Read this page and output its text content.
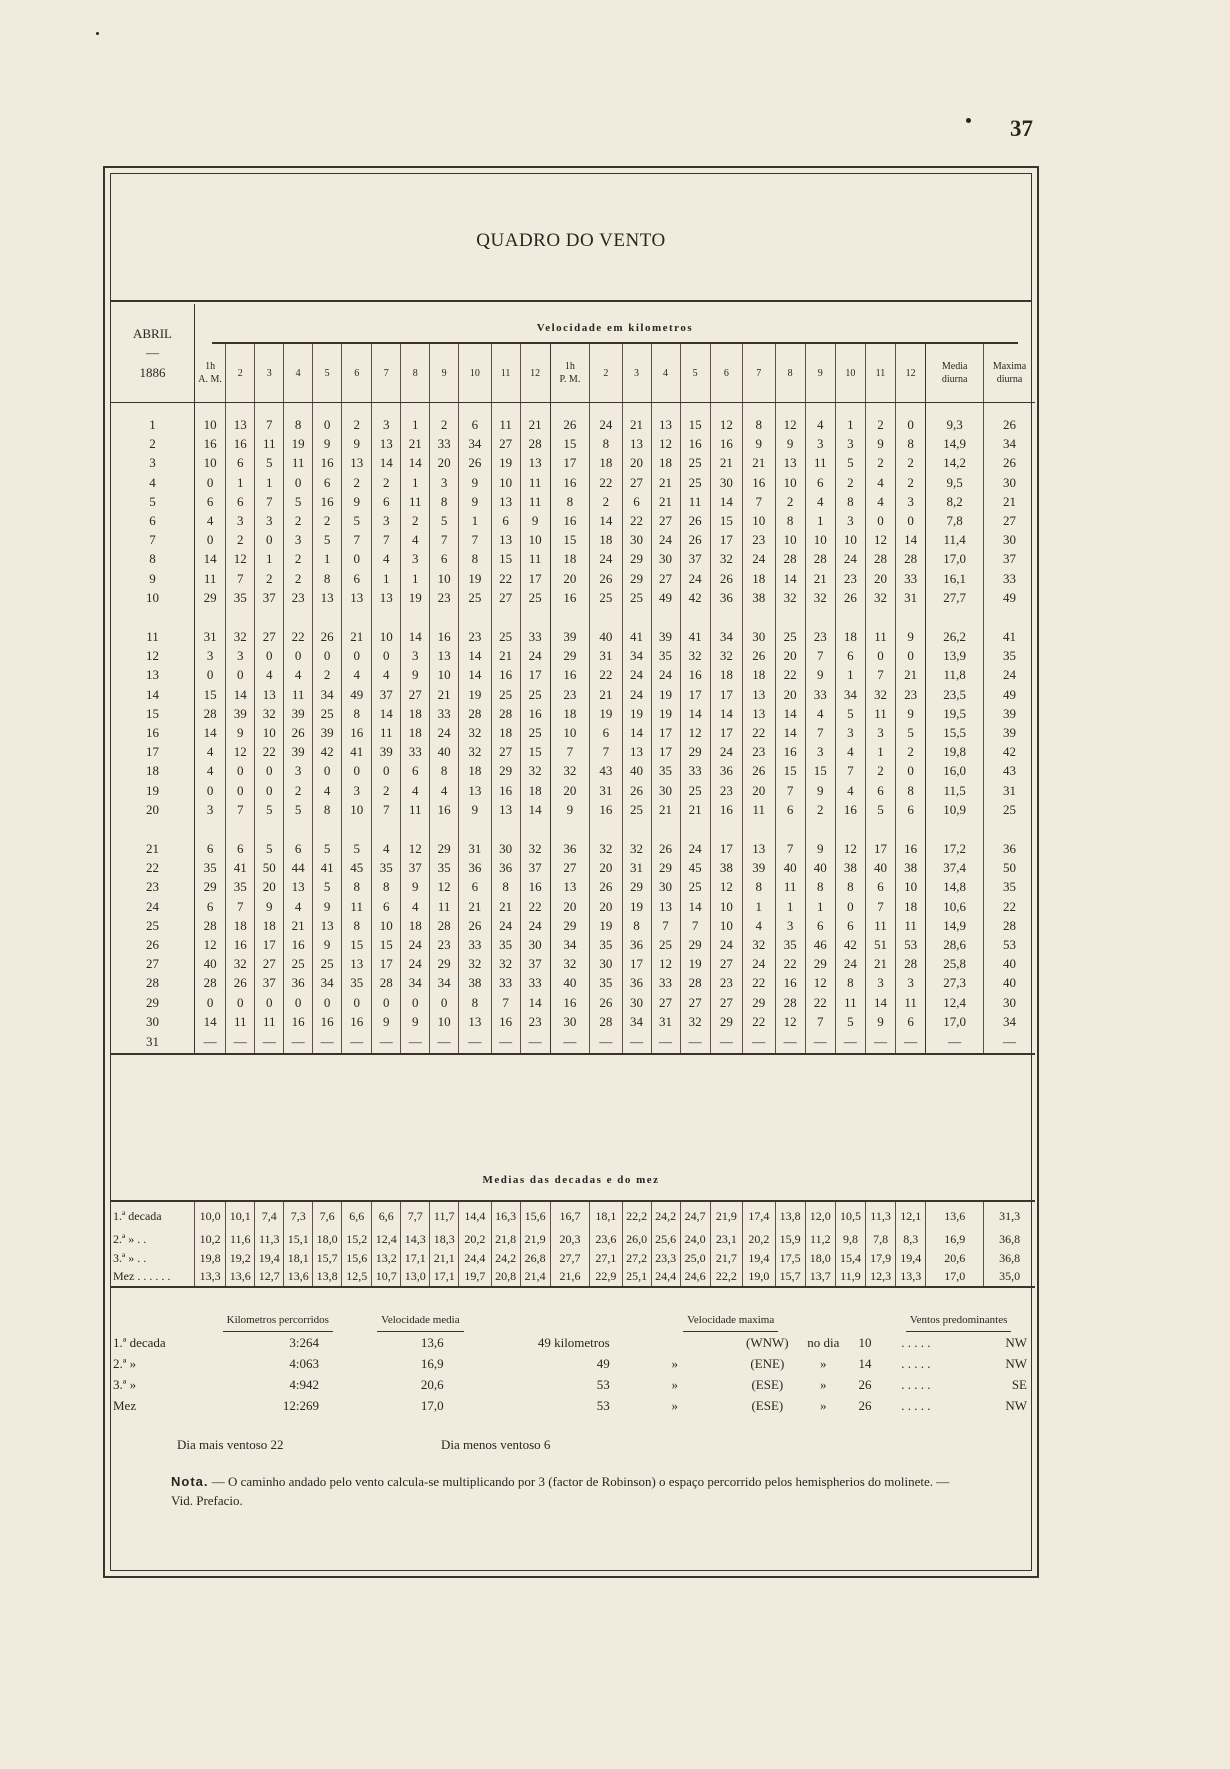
37
QUADRO DO VENTO
ABRIL
—
1886	Velocidade em kilometros																									
	1h
A. M.	2	3	4	5	6	7	8	9	10	11	12	1h
P. M.	2	3	4	5	6	7	8	9	10	11	12	Media
diurna	Maxima
diurna

1	10	13	7	8	0	2	3	1	2	6	11	21	26	24	21	13	15	12	8	12	4	1	2	0	9,3	26
2	16	16	11	19	9	9	13	21	33	34	27	28	15	8	13	12	16	16	9	9	3	3	9	8	14,9	34
3	10	6	5	11	16	13	14	14	20	26	19	13	17	18	20	18	25	21	21	13	11	5	2	2	14,2	26
4	0	1	1	0	6	2	2	1	3	9	10	11	16	22	27	21	25	30	16	10	6	2	4	2	9,5	30
5	6	6	7	5	16	9	6	11	8	9	13	11	8	2	6	21	11	14	7	2	4	8	4	3	8,2	21
6	4	3	3	2	2	5	3	2	5	1	6	9	16	14	22	27	26	15	10	8	1	3	0	0	7,8	27
7	0	2	0	3	5	7	7	4	7	7	13	10	15	18	30	24	26	17	23	10	10	10	12	14	11,4	30
8	14	12	1	2	1	0	4	3	6	8	15	11	18	24	29	30	37	32	24	28	28	24	28	28	17,0	37
9	11	7	2	2	8	6	1	1	10	19	22	17	20	26	29	27	24	26	18	14	21	23	20	33	16,1	33
10	29	35	37	23	13	13	13	19	23	25	27	25	16	25	25	49	42	36	38	32	32	26	32	31	27,7	49

11	31	32	27	22	26	21	10	14	16	23	25	33	39	40	41	39	41	34	30	25	23	18	11	9	26,2	41
12	3	3	0	0	0	0	0	3	13	14	21	24	29	31	34	35	32	32	26	20	7	6	0	0	13,9	35
13	0	0	4	4	2	4	4	9	10	14	16	17	16	22	24	24	16	18	18	22	9	1	7	21	11,8	24
14	15	14	13	11	34	49	37	27	21	19	25	25	23	21	24	19	17	17	13	20	33	34	32	23	23,5	49
15	28	39	32	39	25	8	14	18	33	28	28	16	18	19	19	19	14	14	13	14	4	5	11	9	19,5	39
16	14	9	10	26	39	16	11	18	24	32	18	25	10	6	14	17	12	17	22	14	7	3	3	5	15,5	39
17	4	12	22	39	42	41	39	33	40	32	27	15	7	7	13	17	29	24	23	16	3	4	1	2	19,8	42
18	4	0	0	3	0	0	0	6	8	18	29	32	32	43	40	35	33	36	26	15	15	7	2	0	16,0	43
19	0	0	0	2	4	3	2	4	4	13	16	18	20	31	26	30	25	23	20	7	9	4	6	8	11,5	31
20	3	7	5	5	8	10	7	11	16	9	13	14	9	16	25	21	21	16	11	6	2	16	5	6	10,9	25

21	6	6	5	6	5	5	4	12	29	31	30	32	36	32	32	26	24	17	13	7	9	12	17	16	17,2	36
22	35	41	50	44	41	45	35	37	35	36	36	37	27	20	31	29	45	38	39	40	40	38	40	38	37,4	50
23	29	35	20	13	5	8	8	9	12	6	8	16	13	26	29	30	25	12	8	11	8	8	6	10	14,8	35
24	6	7	9	4	9	11	6	4	11	21	21	22	20	20	19	13	14	10	1	1	1	0	7	18	10,6	22
25	28	18	18	21	13	8	10	18	28	26	24	24	29	19	8	7	7	10	4	3	6	6	11	11	14,9	28
26	12	16	17	16	9	15	15	24	23	33	35	30	34	35	36	25	29	24	32	35	46	42	51	53	28,6	53
27	40	32	27	25	25	13	17	24	29	32	32	37	32	30	17	12	19	27	24	22	29	24	21	28	25,8	40
28	28	26	37	36	34	35	28	34	34	38	33	33	40	35	36	33	28	23	22	16	12	8	3	3	27,3	40
29	0	0	0	0	0	0	0	0	0	8	7	14	16	26	30	27	27	27	29	28	22	11	14	11	12,4	30
30	14	11	11	16	16	16	9	9	10	13	16	23	30	28	34	31	32	29	22	12	7	5	9	6	17,0	34
31	—	—	—	—	—	—	—	—	—	—	—	—	—	—	—	—	—	—	—	—	—	—	—	—	—	—
Medias das decadas e do mez
1.ª decada	10,0	10,1	7,4	7,3	7,6	6,6	6,6	7,7	11,7	14,4	16,3	15,6	16,7	18,1	22,2	24,2	24,7	21,9	17,4	13,8	12,0	10,5	11,3	12,1	13,6	31,3
2.ª » . .	10,2	11,6	11,3	15,1	18,0	15,2	12,4	14,3	18,3	20,2	21,8	21,9	20,3	23,6	26,0	25,6	24,0	23,1	20,2	15,9	11,2	9,8	7,8	8,3	16,9	36,8
3.ª » . .	19,8	19,2	19,4	18,1	15,7	15,6	13,2	17,1	21,1	24,4	24,2	26,8	27,7	27,1	27,2	23,3	25,0	21,7	19,4	17,5	18,0	15,4	17,9	19,4	20,6	36,8
Mez . . . . . .	13,3	13,6	12,7	13,6	13,8	12,5	10,7	13,0	17,1	19,7	20,8	21,4	21,6	22,9	25,1	24,4	24,6	22,2	19,0	15,7	13,7	11,9	12,3	13,3	17,0	35,0
	Kilometros percorridos	Velocidade media		Velocidade maxima				Ventos predominantes	
1.ª decada	3:264	13,6	49 kilometros		(WNW)	no dia	10	. . . . .	NW
2.ª »	4:063	16,9	49	»	(ENE)	»	14	. . . . .	NW
3.ª »	4:942	20,6	53	»	(ESE)	»	26	. . . . .	SE
Mez	12:269	17,0	53	»	(ESE)	»	26	. . . . .	NW
Dia mais ventoso 22	Dia menos ventoso 6
Nota. — O caminho andado pelo vento calcula-se multiplicando por 3 (factor de Robinson) o espaço percorrido pelos hemispherios do molinete. — Vid. Prefacio.
